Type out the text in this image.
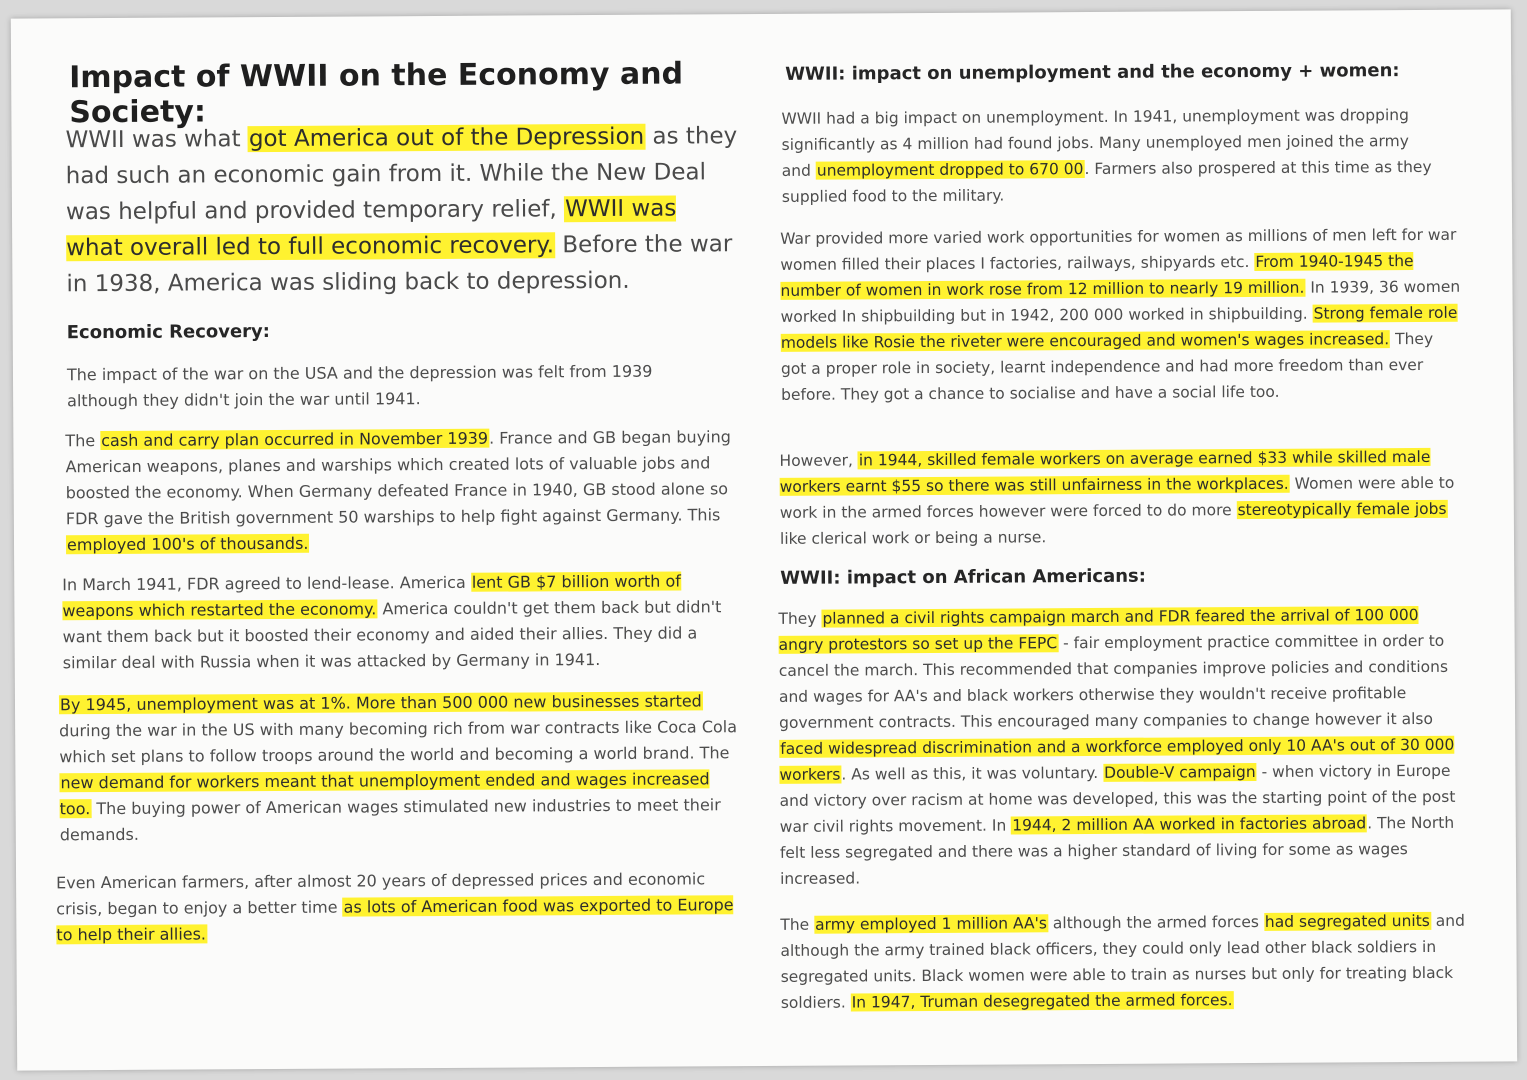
Impact of WWII on the Economy and Society:

WWII was what got America out of the Depression as they had such an economic gain from it. While the New Deal was helpful and provided temporary relief, WWII was what overall led to full economic recovery. Before the war in 1938, America was sliding back to depression.

Economic Recovery:

The impact of the war on the USA and the depression was felt from 1939 although they didn't join the war until 1941.

The cash and carry plan occurred in November 1939. France and GB began buying American weapons, planes and warships which created lots of valuable jobs and boosted the economy. When Germany defeated France in 1940, GB stood alone so FDR gave the British government 50 warships to help fight against Germany. This employed 100's of thousands.

In March 1941, FDR agreed to lend-lease. America lent GB $7 billion worth of weapons which restarted the economy. America couldn't get them back but didn't want them back but it boosted their economy and aided their allies. They did a similar deal with Russia when it was attacked by Germany in 1941.

By 1945, unemployment was at 1%. More than 500 000 new businesses started during the war in the US with many becoming rich from war contracts like Coca Cola which set plans to follow troops around the world and becoming a world brand. The new demand for workers meant that unemployment ended and wages increased too. The buying power of American wages stimulated new industries to meet their demands.

Even American farmers, after almost 20 years of depressed prices and economic crisis, began to enjoy a better time as lots of American food was exported to Europe to help their allies.

WWII: impact on unemployment and the economy + women:

WWII had a big impact on unemployment. In 1941, unemployment was dropping significantly as 4 million had found jobs. Many unemployed men joined the army and unemployment dropped to 670 00. Farmers also prospered at this time as they supplied food to the military.

War provided more varied work opportunities for women as millions of men left for war women filled their places I factories, railways, shipyards etc. From 1940-1945 the number of women in work rose from 12 million to nearly 19 million. In 1939, 36 women worked In shipbuilding but in 1942, 200 000 worked in shipbuilding. Strong female role models like Rosie the riveter were encouraged and women's wages increased. They got a proper role in society, learnt independence and had more freedom than ever before. They got a chance to socialise and have a social life too.

However, in 1944, skilled female workers on average earned $33 while skilled male workers earnt $55 so there was still unfairness in the workplaces. Women were able to work in the armed forces however were forced to do more stereotypically female jobs like clerical work or being a nurse.

WWII: impact on African Americans:

They planned a civil rights campaign march and FDR feared the arrival of 100 000 angry protestors so set up the FEPC - fair employment practice committee in order to cancel the march. This recommended that companies improve policies and conditions and wages for AA's and black workers otherwise they wouldn't receive profitable government contracts. This encouraged many companies to change however it also faced widespread discrimination and a workforce employed only 10 AA's out of 30 000 workers. As well as this, it was voluntary. Double-V campaign - when victory in Europe and victory over racism at home was developed, this was the starting point of the post war civil rights movement. In 1944, 2 million AA worked in factories abroad. The North felt less segregated and there was a higher standard of living for some as wages increased.

The army employed 1 million AA's although the armed forces had segregated units and although the army trained black officers, they could only lead other black soldiers in segregated units. Black women were able to train as nurses but only for treating black soldiers. In 1947, Truman desegregated the armed forces.
